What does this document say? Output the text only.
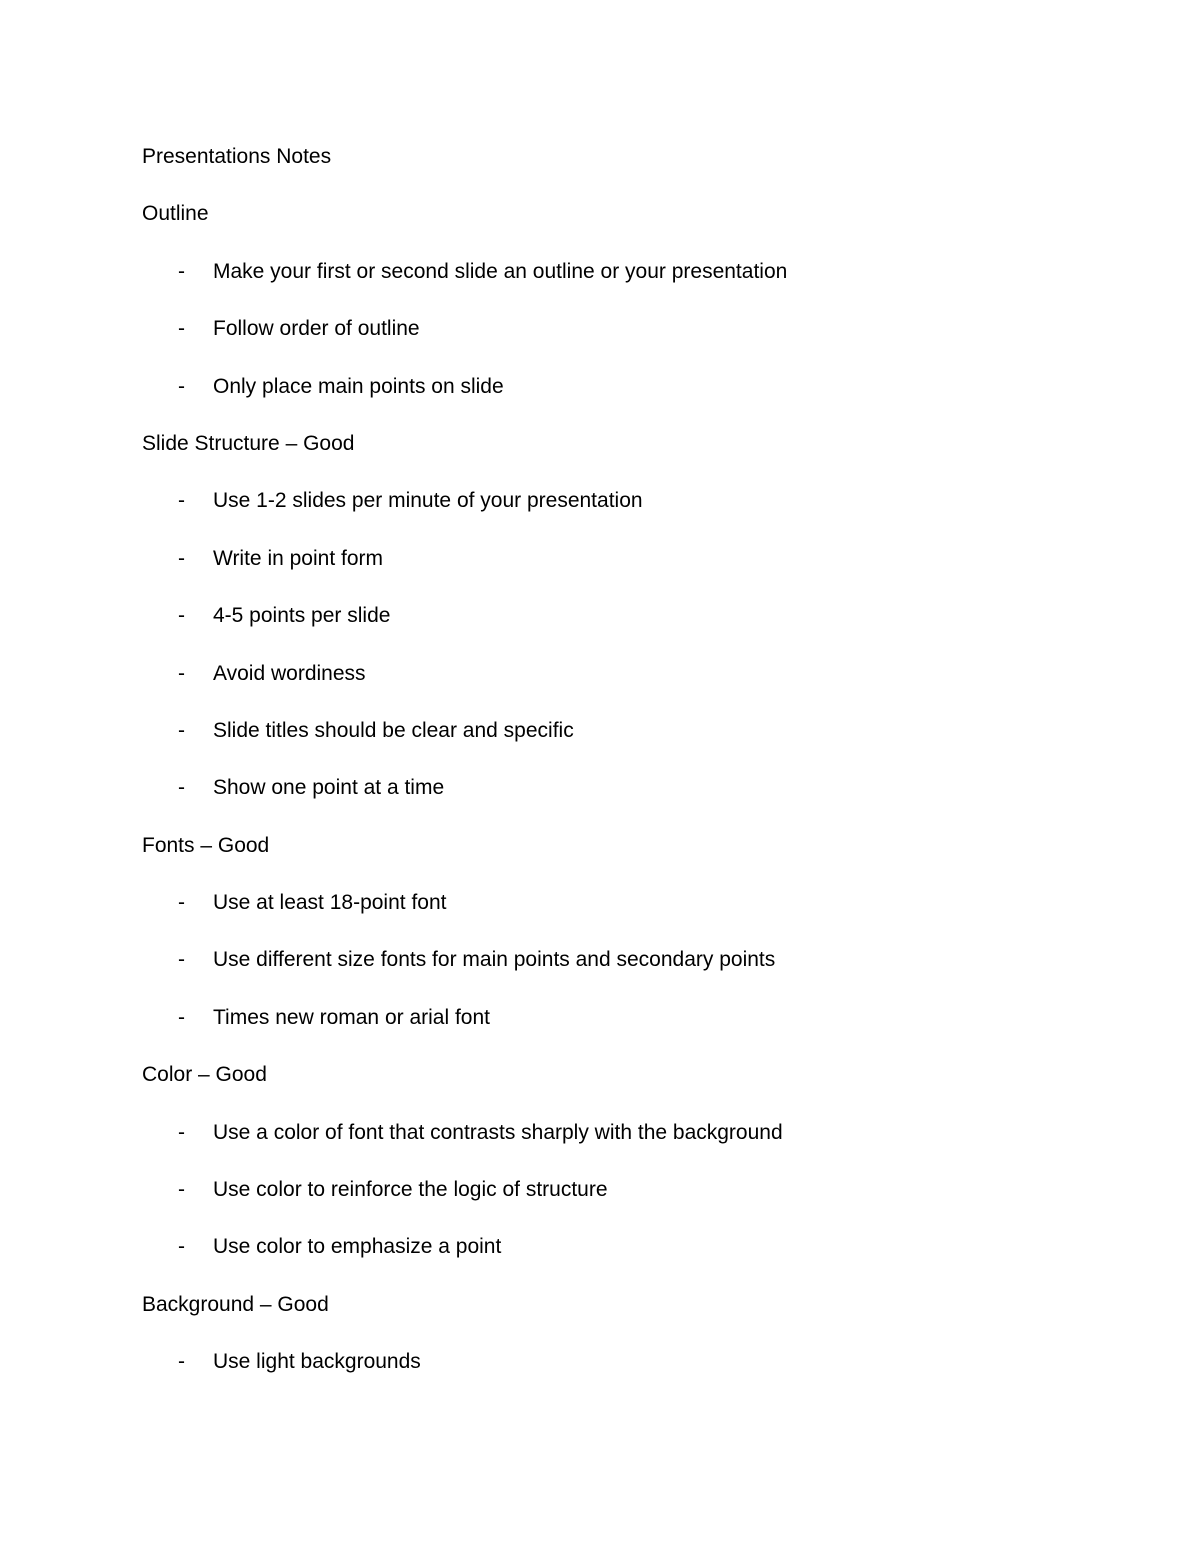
Presentations Notes
Outline
- Make your first or second slide an outline or your presentation
- Follow order of outline
- Only place main points on slide
Slide Structure – Good
- Use 1-2 slides per minute of your presentation
- Write in point form
- 4-5 points per slide
- Avoid wordiness
- Slide titles should be clear and specific
- Show one point at a time
Fonts – Good
- Use at least 18-point font
- Use different size fonts for main points and secondary points
- Times new roman or arial font
Color – Good
- Use a color of font that contrasts sharply with the background
- Use color to reinforce the logic of structure
- Use color to emphasize a point
Background – Good
- Use light backgrounds
